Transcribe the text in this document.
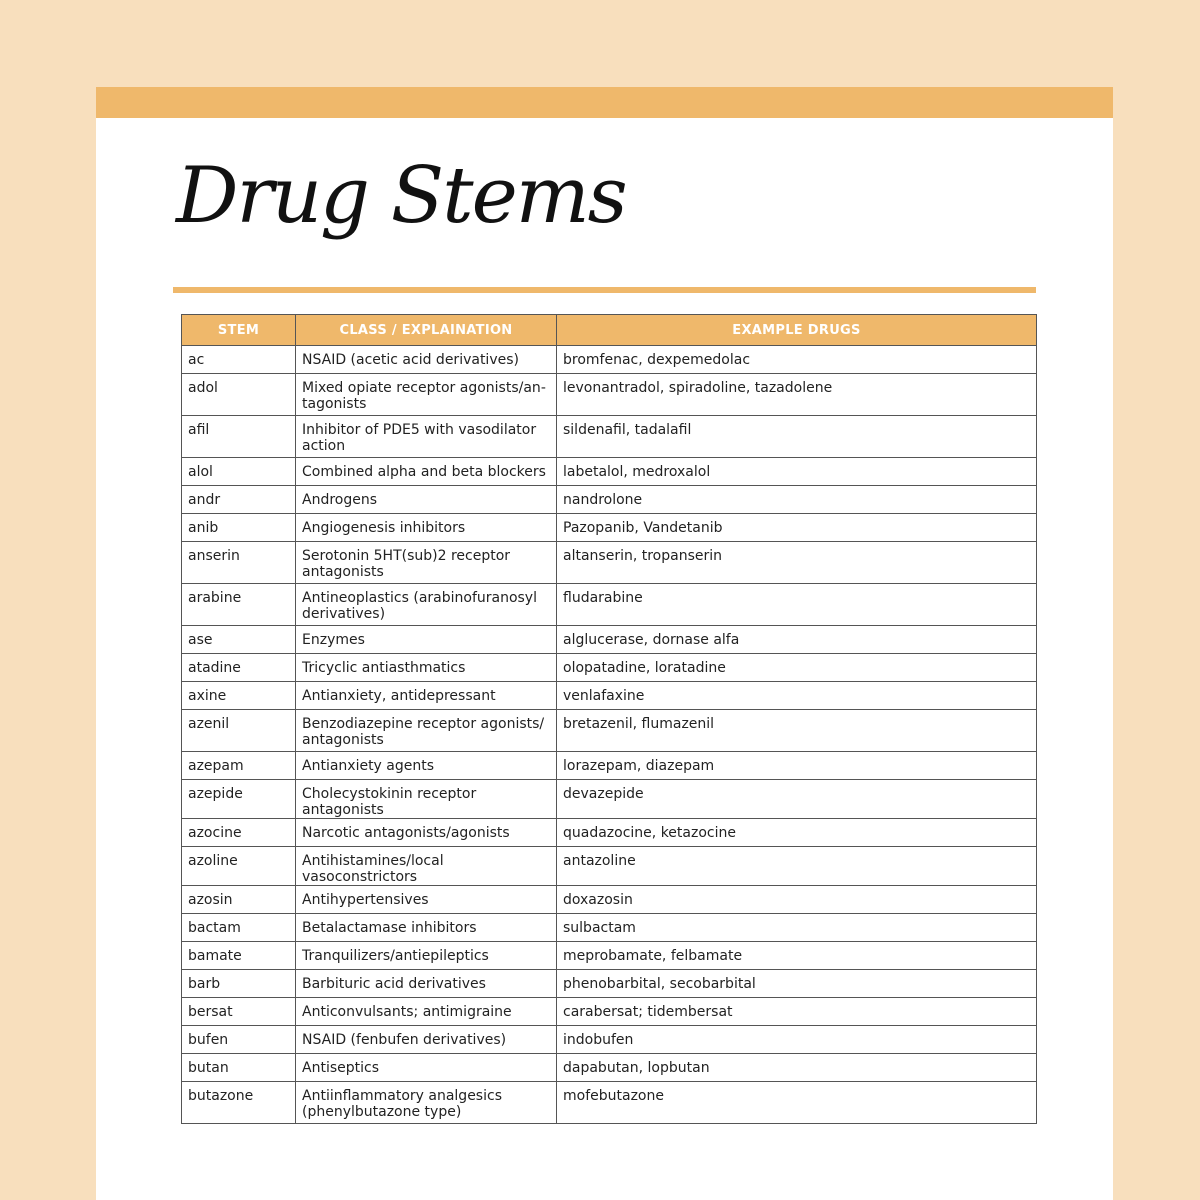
Drug Stems
STEM	CLASS / EXPLAINATION	EXAMPLE DRUGS
ac	NSAID (acetic acid derivatives)	bromfenac, dexpemedolac
adol	Mixed opiate receptor agonists/antagonists	levonantradol, spiradoline, tazadolene
afil	Inhibitor of PDE5 with vasodilator action	sildenafil, tadalafil
alol	Combined alpha and beta blockers	labetalol, medroxalol
andr	Androgens	nandrolone
anib	Angiogenesis inhibitors	Pazopanib, Vandetanib
anserin	Serotonin 5HT(sub)2 receptor antagonists	altanserin, tropanserin
arabine	Antineoplastics (arabinofuranosyl derivatives)	fludarabine
ase	Enzymes	alglucerase, dornase alfa
atadine	Tricyclic antiasthmatics	olopatadine, loratadine
axine	Antianxiety, antidepressant	venlafaxine
azenil	Benzodiazepine receptor agonists/ antagonists	bretazenil, flumazenil
azepam	Antianxiety agents	lorazepam, diazepam
azepide	Cholecystokinin receptor antagonists	devazepide
azocine	Narcotic antagonists/agonists	quadazocine, ketazocine
azoline	Antihistamines/local vasoconstrictors	antazoline
azosin	Antihypertensives	doxazosin
bactam	Betalactamase inhibitors	sulbactam
bamate	Tranquilizers/antiepileptics	meprobamate, felbamate
barb	Barbituric acid derivatives	phenobarbital, secobarbital
bersat	Anticonvulsants; antimigraine	carabersat; tidembersat
bufen	NSAID (fenbufen derivatives)	indobufen
butan	Antiseptics	dapabutan, lopbutan
butazone	Antiinflammatory analgesics (phenylbutazone type)	mofebutazone
